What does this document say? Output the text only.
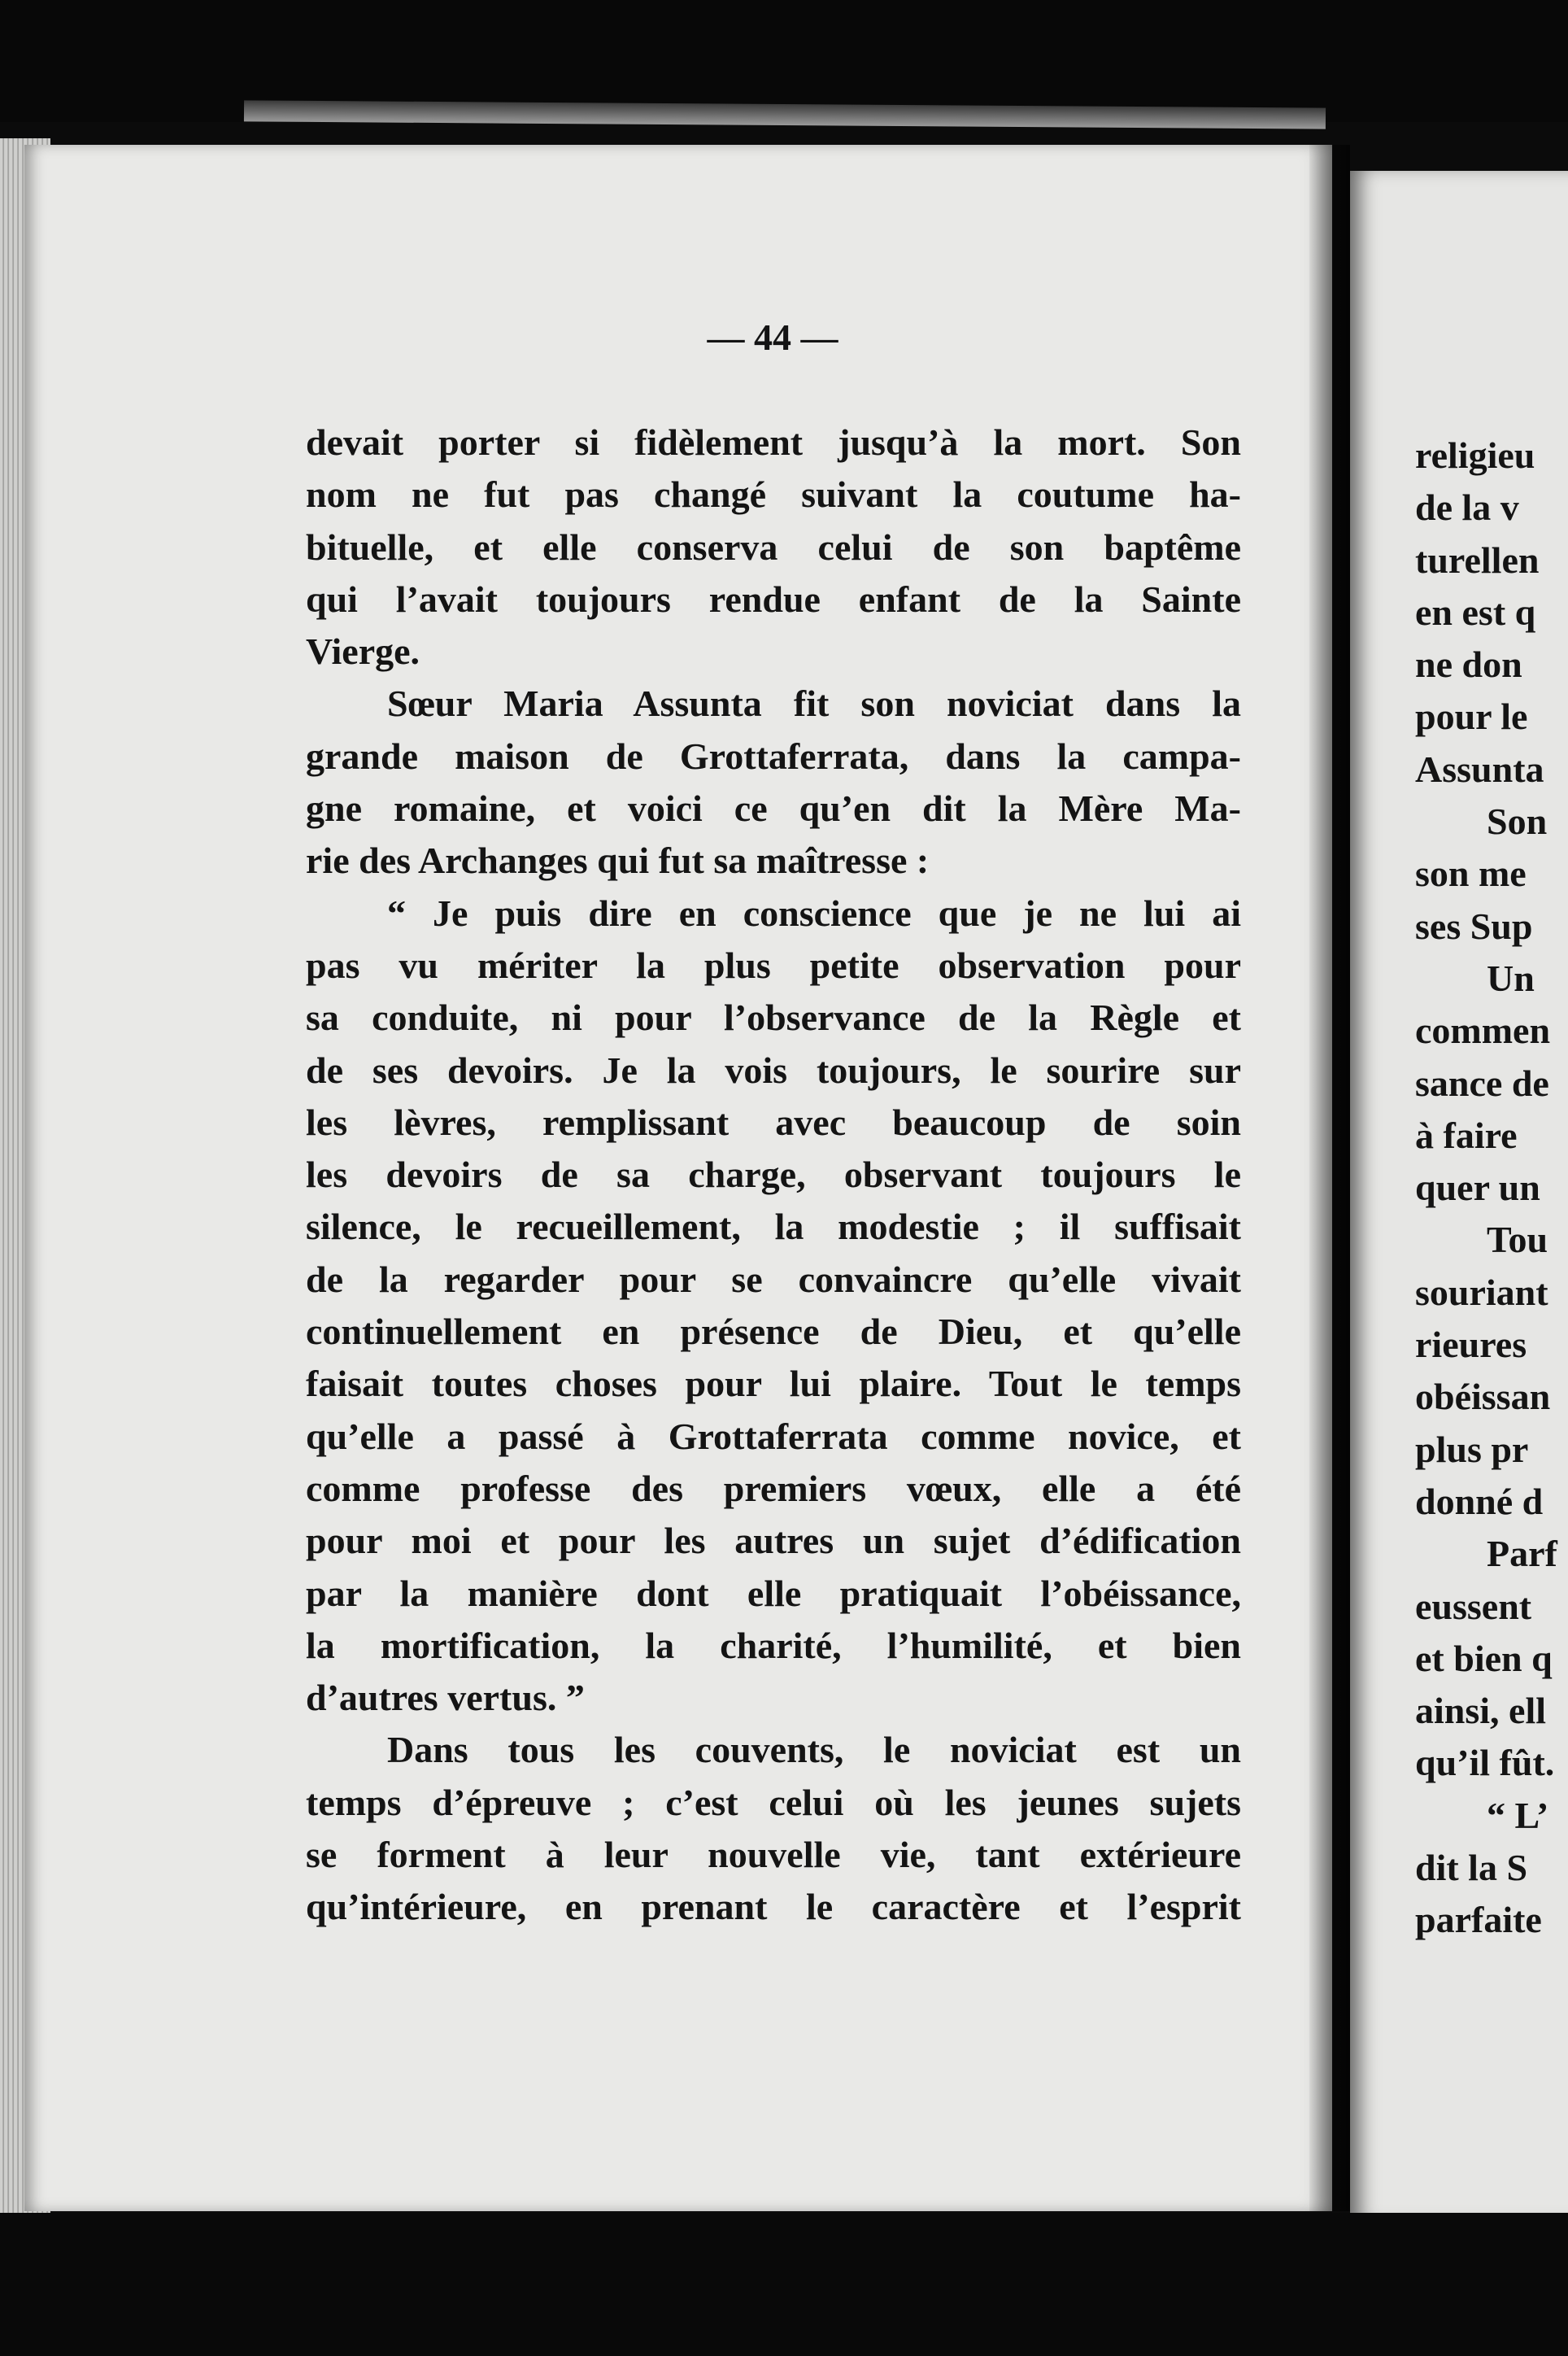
— 44 —
devait porter si fidèlement jusqu’à la mort. Son
nom ne fut pas changé suivant la coutume ha-
bituelle, et elle conserva celui de son baptême
qui l’avait toujours rendue enfant de la Sainte
Vierge.
Sœur Maria Assunta fit son noviciat dans la
grande maison de Grottaferrata, dans la campa-
gne romaine, et voici ce qu’en dit la Mère Ma-
rie des Archanges qui fut sa maîtresse :
“ Je puis dire en conscience que je ne lui ai
pas vu mériter la plus petite observation pour
sa conduite, ni pour l’observance de la Règle et
de ses devoirs. Je la vois toujours, le sourire sur
les lèvres, remplissant avec beaucoup de soin
les devoirs de sa charge, observant toujours le
silence, le recueillement, la modestie ; il suffisait
de la regarder pour se convaincre qu’elle vivait
continuellement en présence de Dieu, et qu’elle
faisait toutes choses pour lui plaire. Tout le temps
qu’elle a passé à Grottaferrata comme novice, et
comme professe des premiers vœux, elle a été
pour moi et pour les autres un sujet d’édification
par la manière dont elle pratiquait l’obéissance,
la mortification, la charité, l’humilité, et bien
d’autres vertus. ”
Dans tous les couvents, le noviciat est un
temps d’épreuve ; c’est celui où les jeunes sujets
se forment à leur nouvelle vie, tant extérieure
qu’intérieure, en prenant le caractère et l’esprit
religieu
de la v
turellen
en est q
ne don
pour le
Assunta
Son
son me
ses Sup
Un
commen
sance de
à faire
quer un
Tou
souriant
rieures
obéissan
plus pr
donné d
Parf
eussent
et bien q
ainsi, ell
qu’il fût.
“ L’
dit la S
parfaite
